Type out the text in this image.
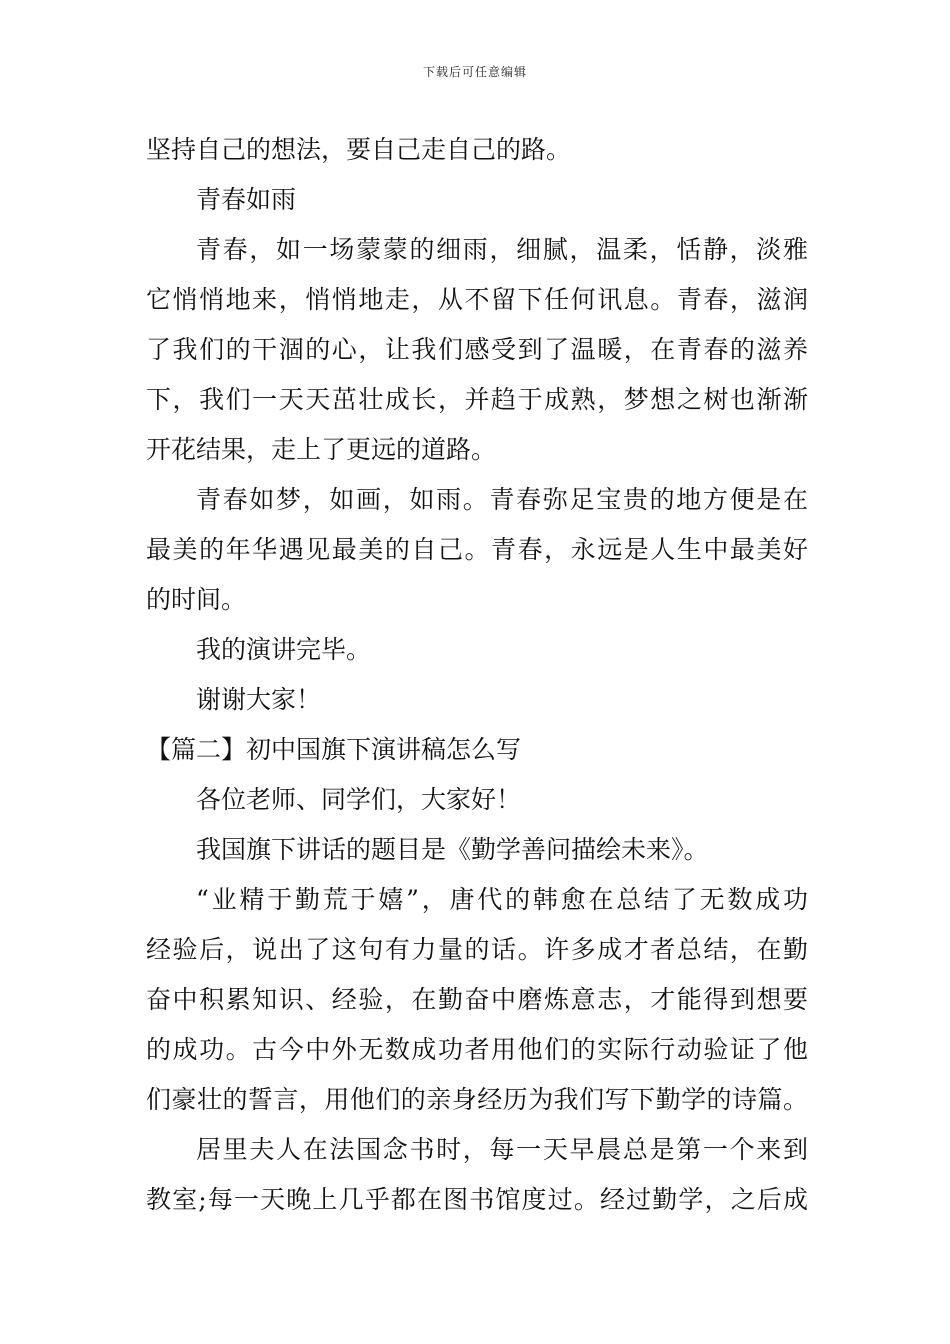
下载后可任意编辑
坚持自己的想法，要自己走自己的路。
青春如雨
青春，如一场蒙蒙的细雨，细腻，温柔，恬静，淡雅
它悄悄地来，悄悄地走，从不留下任何讯息。青春，滋润
了我们的干涸的心，让我们感受到了温暖，在青春的滋养
下，我们一天天茁壮成长，并趋于成熟，梦想之树也渐渐
开花结果，走上了更远的道路。
青春如梦，如画，如雨。青春弥足宝贵的地方便是在
最美的年华遇见最美的自己。青春，永远是人生中最美好
的时间。
我的演讲完毕。
谢谢大家！
【篇二】初中国旗下演讲稿怎么写
各位老师、同学们，大家好！
我国旗下讲话的题目是《勤学善问描绘未来》。
“业精于勤荒于嬉”，唐代的韩愈在总结了无数成功
经验后，说出了这句有力量的话。许多成才者总结，在勤
奋中积累知识、经验，在勤奋中磨炼意志，才能得到想要
的成功。古今中外无数成功者用他们的实际行动验证了他
们豪壮的誓言，用他们的亲身经历为我们写下勤学的诗篇。
居里夫人在法国念书时，每一天早晨总是第一个来到
教室;每一天晚上几乎都在图书馆度过。经过勤学，之后成
